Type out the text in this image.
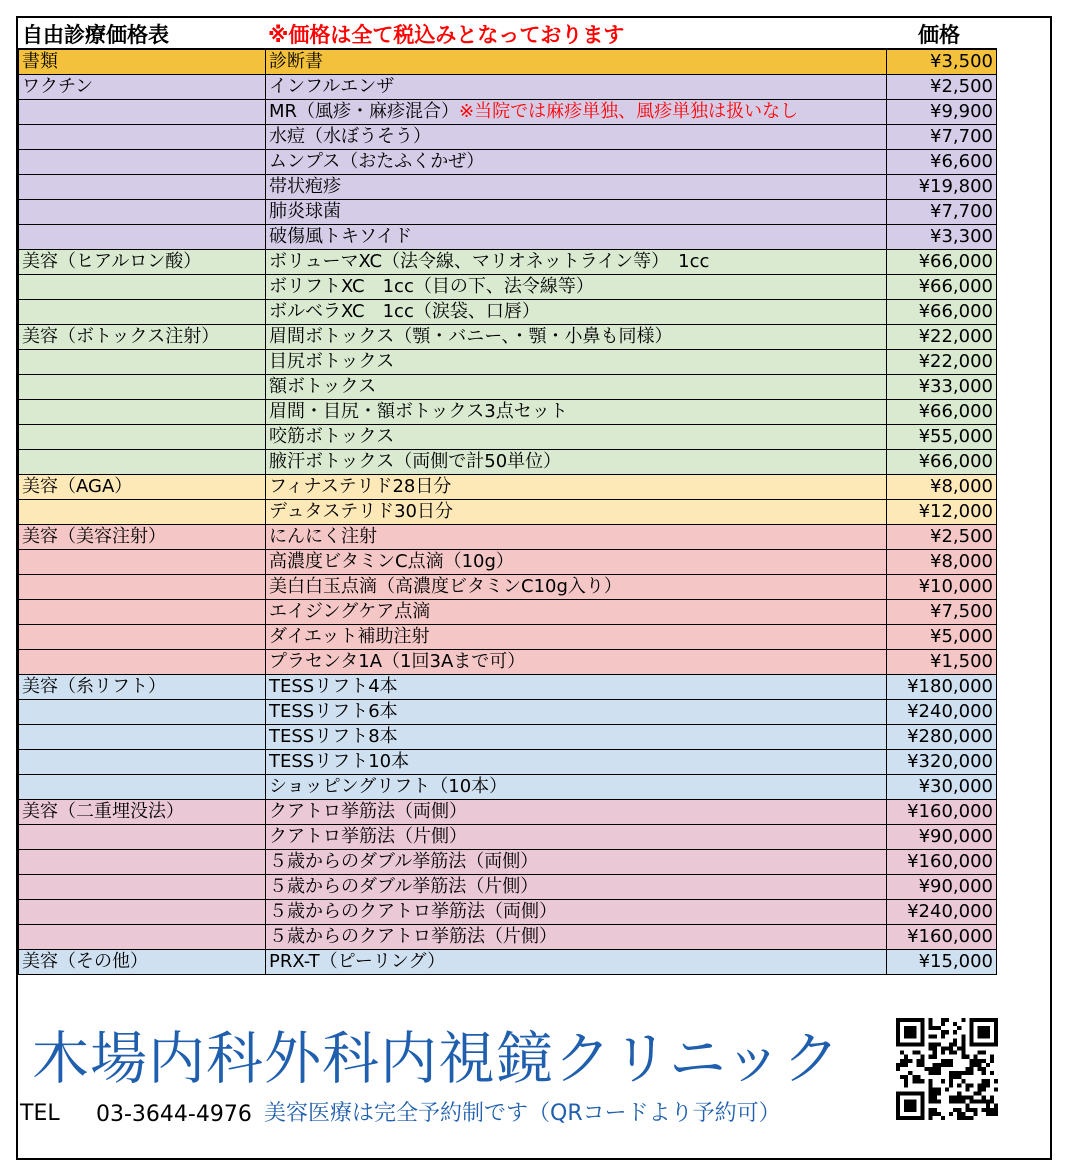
自由診療価格表	※価格は全て税込みとなっております	価格
書類	診断書	¥3,500
ワクチン	インフルエンザ	¥2,500
	MR（風疹・麻疹混合）※当院では麻疹単独、風疹単独は扱いなし	¥9,900
	水痘（水ぼうそう）	¥7,700
	ムンプス（おたふくかぜ）	¥6,600
	帯状疱疹	¥19,800
	肺炎球菌	¥7,700
	破傷風トキソイド	¥3,300
美容（ヒアルロン酸）	ボリューマXC（法令線、マリオネットライン等）　1cc	¥66,000
	ボリフトXC　1cc（目の下、法令線等）	¥66,000
	ボルベラXC　1cc（涙袋、口唇）	¥66,000
美容（ボトックス注射）	眉間ボトックス（顎・バニー、・顎・小鼻も同様）	¥22,000
	目尻ボトックス	¥22,000
	額ボトックス	¥33,000
	眉間・目尻・額ボトックス3点セット	¥66,000
	咬筋ボトックス	¥55,000
	腋汗ボトックス（両側で計50単位）	¥66,000
美容（AGA）	フィナステリド28日分	¥8,000
	デュタステリド30日分	¥12,000
美容（美容注射）	にんにく注射	¥2,500
	高濃度ビタミンC点滴（10g）	¥8,000
	美白白玉点滴（高濃度ビタミンC10g入り）	¥10,000
	エイジングケア点滴	¥7,500
	ダイエット補助注射	¥5,000
	プラセンタ1A（1回3Aまで可）	¥1,500
美容（糸リフト）	TESSリフト4本	¥180,000
	TESSリフト6本	¥240,000
	TESSリフト8本	¥280,000
	TESSリフト10本	¥320,000
	ショッピングリフト（10本）	¥30,000
美容（二重埋没法）	クアトロ挙筋法（両側）	¥160,000
	クアトロ挙筋法（片側）	¥90,000
	５歳からのダブル挙筋法（両側）	¥160,000
	５歳からのダブル挙筋法（片側）	¥90,000
	５歳からのクアトロ挙筋法（両側）	¥240,000
	５歳からのクアトロ挙筋法（片側）	¥160,000
美容（その他）	PRX-T（ピーリング）	¥15,000
木場内科外科内視鏡クリニック
TEL 03-3644-4976 美容医療は完全予約制です（QRコードより予約可）
